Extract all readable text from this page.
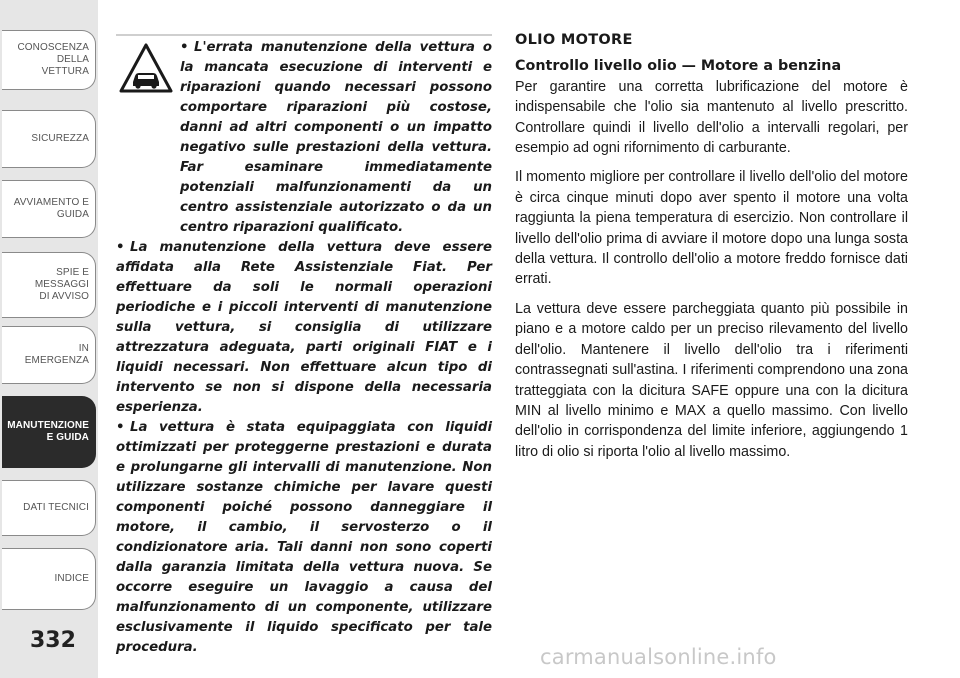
CONOSCENZA DELLA
VETTURA
SICUREZZA
AVVIAMENTO E
GUIDA
SPIE E
MESSAGGI
DI AVVISO
IN
EMERGENZA
MANUTENZIONE
E GUIDA
DATI TECNICI
INDICE
332

• L'errata manutenzione della vettura o la mancata esecuzione di interventi e riparazioni quando necessari possono comportare riparazioni più costose, danni ad altri componenti o un impatto negativo sulle prestazioni della vettura. Far esaminare immediatamente potenziali malfunzionamenti da un centro assistenziale autorizzato o da un centro riparazioni qualificato.

• La manutenzione della vettura deve essere affidata alla Rete Assistenziale Fiat. Per effettuare da soli le normali operazioni periodiche e i piccoli interventi di manutenzione sulla vettura, si consiglia di utilizzare attrezzatura adeguata, parti originali FIAT e i liquidi necessari. Non effettuare alcun tipo di intervento se non si dispone della necessaria esperienza.

• La vettura è stata equipaggiata con liquidi ottimizzati per proteggerne prestazioni e durata e prolungarne gli intervalli di manutenzione. Non utilizzare sostanze chimiche per lavare questi componenti poiché possono danneggiare il motore, il cambio, il servosterzo o il condizionatore aria. Tali danni non sono coperti dalla garanzia limitata della vettura nuova. Se occorre eseguire un lavaggio a causa del malfunzionamento di un componente, utilizzare esclusivamente il liquido specificato per tale procedura.

OLIO MOTORE
Controllo livello olio — Motore a benzina

Per garantire una corretta lubrificazione del motore è indispensabile che l'olio sia mantenuto al livello prescritto. Controllare quindi il livello dell'olio a intervalli regolari, per esempio ad ogni rifornimento di carburante.

Il momento migliore per controllare il livello dell'olio del motore è circa cinque minuti dopo aver spento il motore una volta raggiunta la piena temperatura di esercizio. Non controllare il livello dell'olio prima di avviare il motore dopo una lunga sosta della vettura. Il controllo dell'olio a motore freddo fornisce dati errati.

La vettura deve essere parcheggiata quanto più possibile in piano e a motore caldo per un preciso rilevamento del livello dell'olio. Mantenere il livello dell'olio tra i riferimenti contrassegnati sull'astina. I riferimenti comprendono una zona tratteggiata con la dicitura SAFE oppure una con la dicitura MIN al livello minimo e MAX a quello massimo. Con livello dell'olio in corrispondenza del limite inferiore, aggiungendo 1 litro di olio si riporta l'olio al livello massimo.

carmanualsonline.info
